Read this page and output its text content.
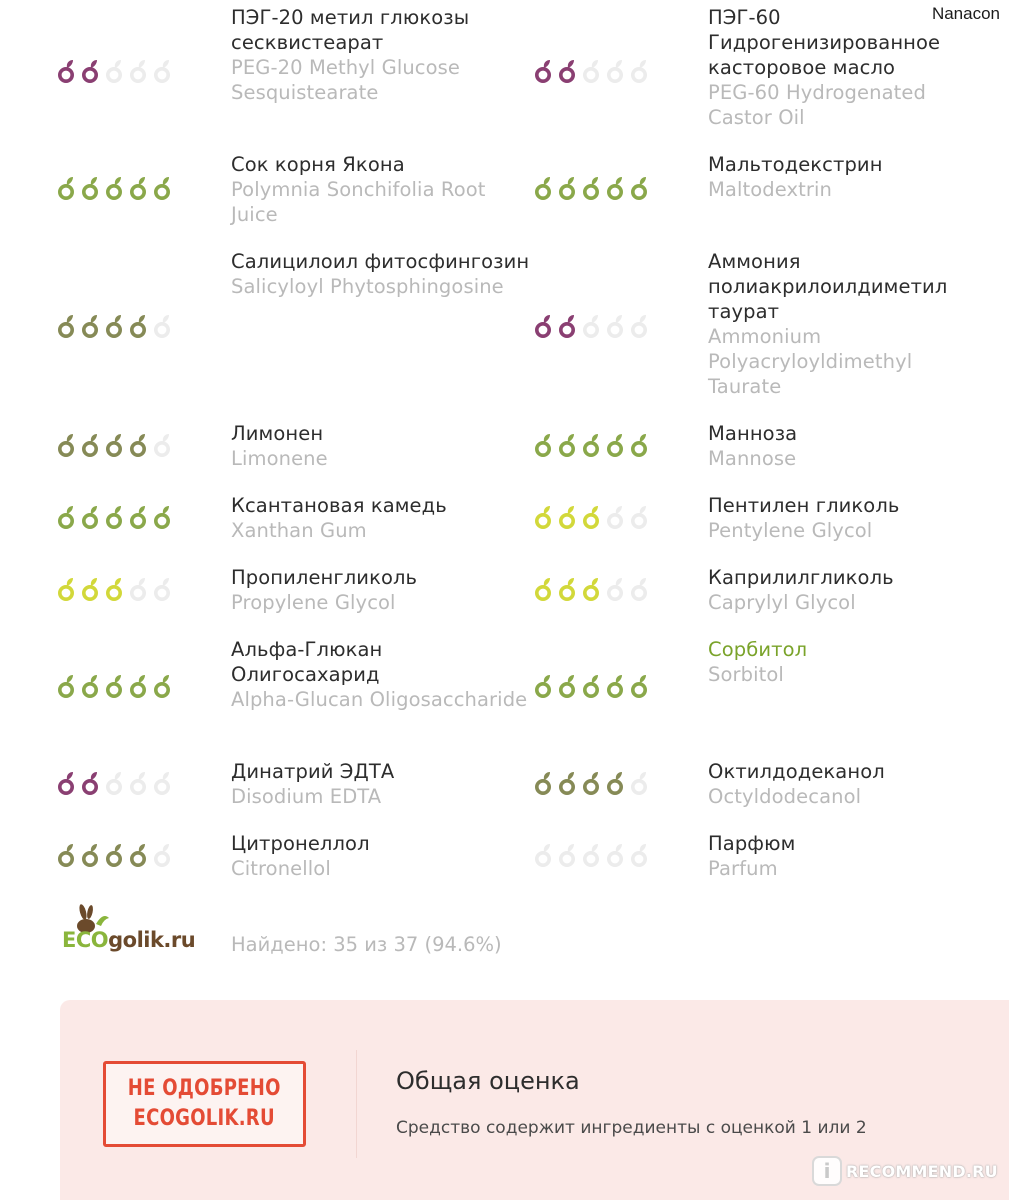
Nanacon
ПЭГ-20 метил глюкозы сесквистеарат
PEG-20 Methyl Glucose Sesquistearate
ПЭГ-60 Гидрогенизированное касторовое масло
PEG-60 Hydrogenated Castor Oil
Сок корня Якона
Polymnia Sonchifolia Root Juice
Мальтодекстрин
Maltodextrin
Салицилоил фитосфингозин
Salicyloyl Phytosphingosine
Аммония полиакрилоилдиметил таурат
Ammonium Polyacryloyldimethyl Taurate
Лимонен
Limonene
Манноза
Mannose
Ксантановая камедь
Xanthan Gum
Пентилен гликоль
Pentylene Glycol
Пропиленгликоль
Propylene Glycol
Каприлилгликоль
Caprylyl Glycol
Альфа-Глюкан Олигосахарид
Alpha-Glucan Oligosaccharide
Сорбитол
Sorbitol
Динатрий ЭДТА
Disodium EDTA
Октилдодеканол
Octyldodecanol
Цитронеллол
Citronellol
Парфюм
Parfum
ECOgolik.ru Найдено: 35 из 37 (94.6%)
НЕ ОДОБРЕНО
ECOGOLIK.RU
Общая оценка
Средство содержит ингредиенты с оценкой 1 или 2
i RECOMMEND.RU
